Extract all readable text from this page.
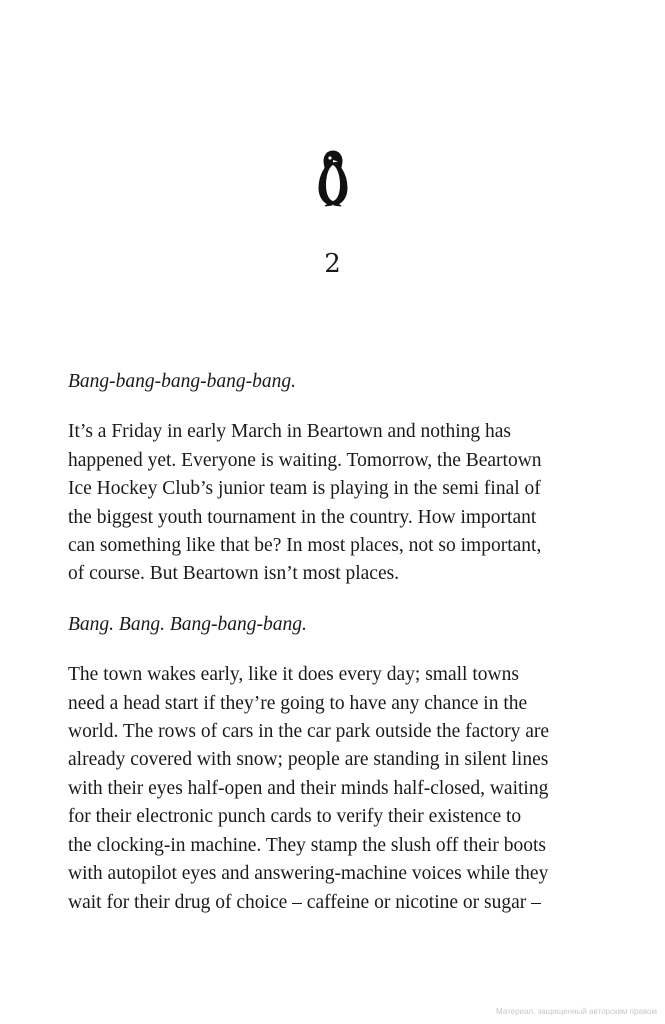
2

Bang-bang-bang-bang-bang.

It’s a Friday in early March in Beartown and nothing has
happened yet. Everyone is waiting. Tomorrow, the Beartown
Ice Hockey Club’s junior team is playing in the semi final of
the biggest youth tournament in the country. How important
can something like that be? In most places, not so important,
of course. But Beartown isn’t most places.

Bang. Bang. Bang-bang-bang.

The town wakes early, like it does every day; small towns
need a head start if they’re going to have any chance in the
world. The rows of cars in the car park outside the factory are
already covered with snow; people are standing in silent lines
with their eyes half-open and their minds half-closed, waiting
for their electronic punch cards to verify their existence to
the clocking-in machine. They stamp the slush off their boots
with autopilot eyes and answering-machine voices while they
wait for their drug of choice – caffeine or nicotine or sugar –

Материал, защищенный авторским правом
